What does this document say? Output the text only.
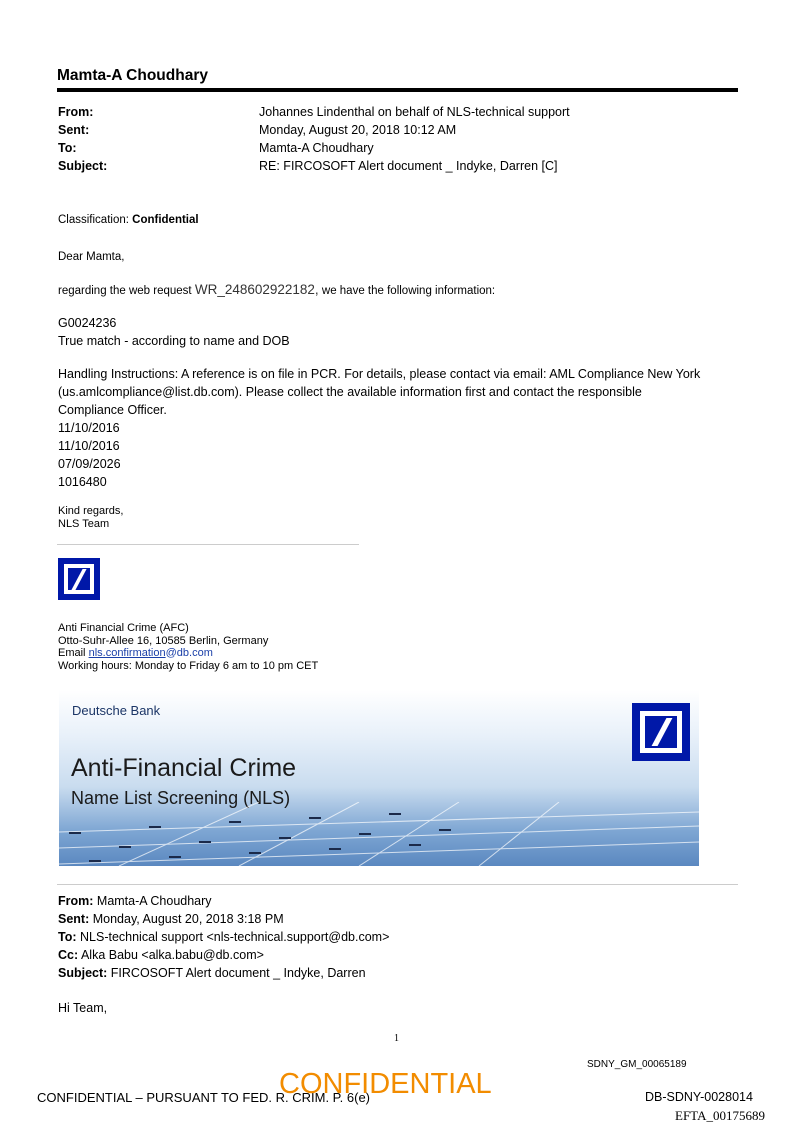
Mamta-A Choudhary
From:	Johannes Lindenthal on behalf of NLS-technical support
Sent:	Monday, August 20, 2018 10:12 AM
To:	Mamta-A Choudhary
Subject:	RE: FIRCOSOFT Alert document _ Indyke, Darren [C]
Classification: Confidential
Dear Mamta,
regarding the web request WR_248602922182, we have the following information:
G0024236
True match - according to name and DOB
Handling Instructions: A reference is on file in PCR. For details, please contact via email: AML Compliance New York
(us.amlcompliance@list.db.com). Please collect the available information first and contact the responsible
Compliance Officer.
11/10/2016
11/10/2016
07/09/2026
1016480
Kind regards,
NLS Team
Anti Financial Crime (AFC)
Otto-Suhr-Allee 16, 10585 Berlin, Germany
Email nls.confirmation@db.com
Working hours: Monday to Friday 6 am to 10 pm CET
Deutsche Bank
Anti-Financial Crime
Name List Screening (NLS)
From: Mamta-A Choudhary
Sent: Monday, August 20, 2018 3:18 PM
To: NLS-technical support <nls-technical.support@db.com>
Cc: Alka Babu <alka.babu@db.com>
Subject: FIRCOSOFT Alert document _ Indyke, Darren
Hi Team,
1
SDNY_GM_00065189
CONFIDENTIAL – PURSUANT TO FED. R. CRIM. P. 6(e)
CONFIDENTIAL	DB-SDNY-0028014
EFTA_00175689
